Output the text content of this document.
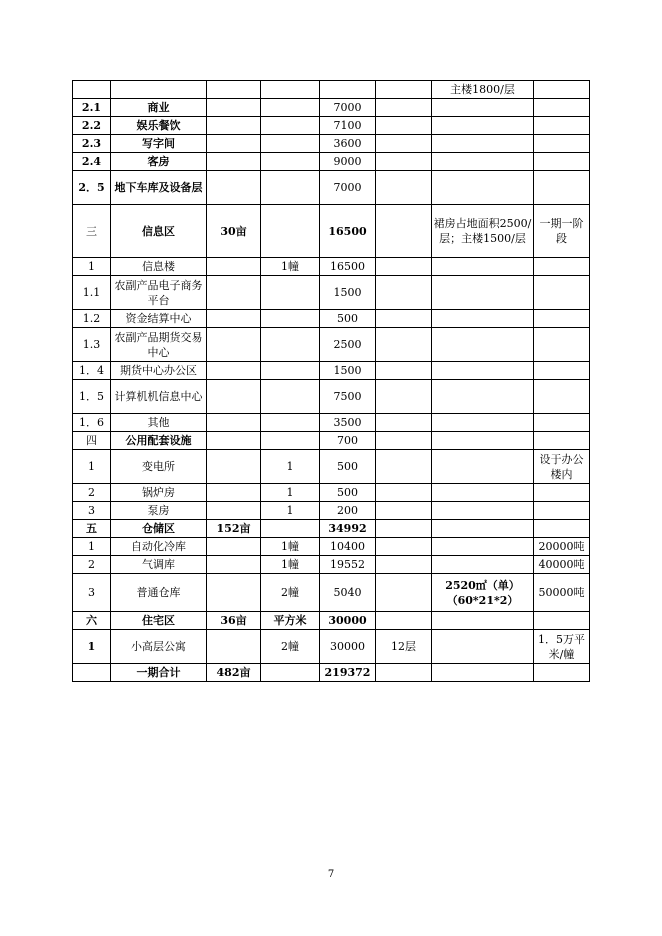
						主楼1800/层	
2.1	商业			7000			
2.2	娱乐餐饮			7100			
2.3	写字间			3600			
2.4	客房			9000			
2．5	地下车库及设备层			7000			
三	信息区	30亩		16500		裙房占地面积2500/层；主楼1500/层	一期一阶段
1	信息楼		1幢	16500			
1.1	农副产品电子商务平台			1500			
1.2	资金结算中心			500			
1.3	农副产品期货交易中心			2500			
1．4	期货中心办公区			1500			
1．5	计算机机信息中心			7500			
1．6	其他			3500			
四	公用配套设施			700			
1	变电所		1	500			设于办公楼内
2	锅炉房		1	500			
3	泵房		1	200			
五	仓储区	152亩		34992			
1	自动化冷库		1幢	10400			20000吨
2	气调库		1幢	19552			40000吨
3	普通仓库		2幢	5040		2520㎡（单）（60*21*2）	50000吨
六	住宅区	36亩	平方米	30000			
1	小高层公寓		2幢	30000	12层		1．5万平米/幢
	一期合计	482亩		219372			
7
